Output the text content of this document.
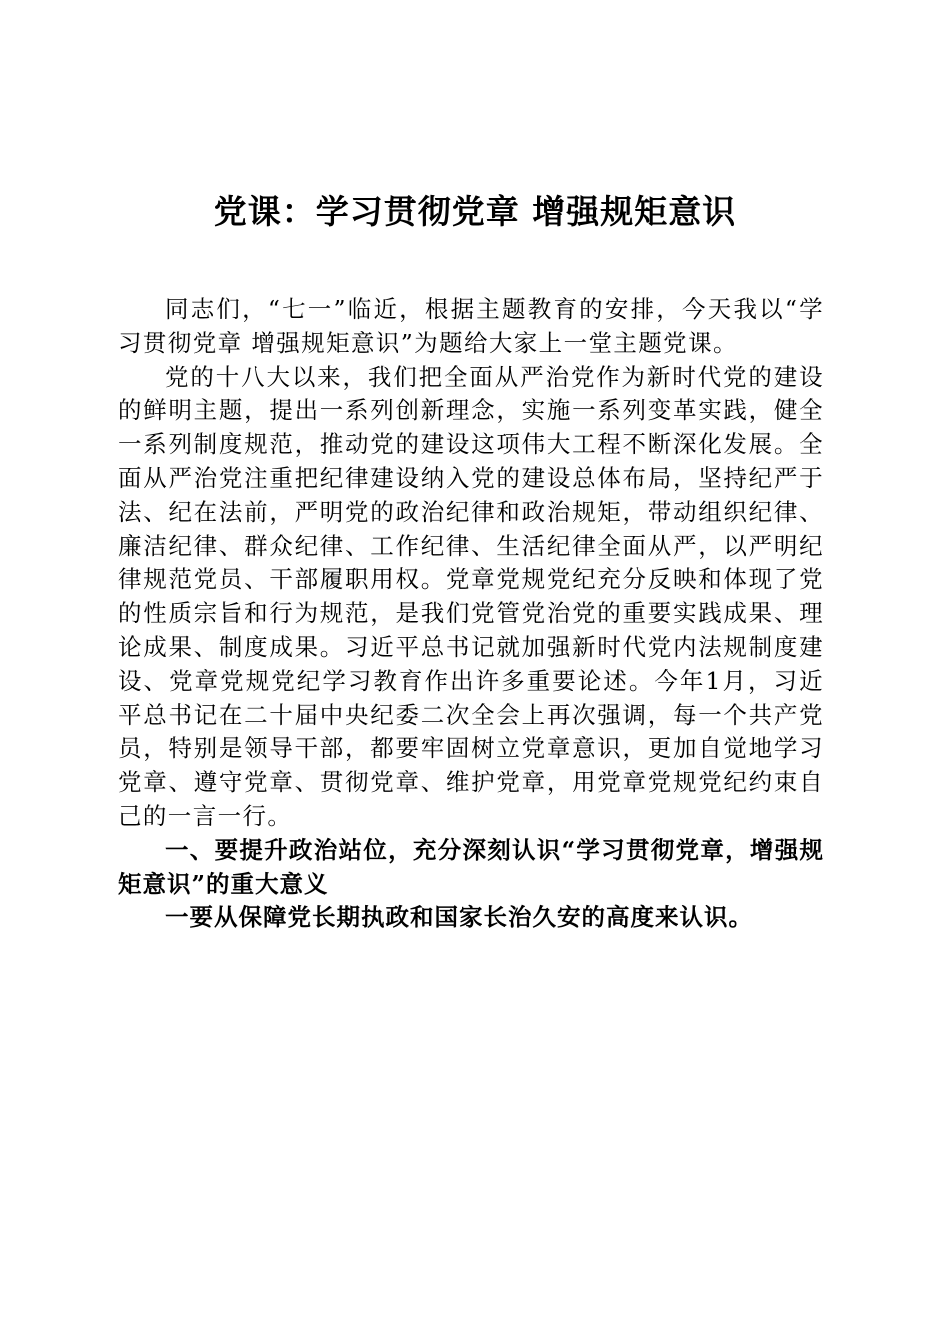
党课：学习贯彻党章 增强规矩意识

同志们，“七一”临近，根据主题教育的安排，今天我以“学习贯彻党章 增强规矩意识”为题给大家上一堂主题党课。

党的十八大以来，我们把全面从严治党作为新时代党的建设的鲜明主题，提出一系列创新理念，实施一系列变革实践，健全一系列制度规范，推动党的建设这项伟大工程不断深化发展。全面从严治党注重把纪律建设纳入党的建设总体布局，坚持纪严于法、纪在法前，严明党的政治纪律和政治规矩，带动组织纪律、廉洁纪律、群众纪律、工作纪律、生活纪律全面从严，以严明纪律规范党员、干部履职用权。党章党规党纪充分反映和体现了党的性质宗旨和行为规范，是我们党管党治党的重要实践成果、理论成果、制度成果。习近平总书记就加强新时代党内法规制度建设、党章党规党纪学习教育作出许多重要论述。今年1月，习近平总书记在二十届中央纪委二次全会上再次强调，每一个共产党员，特别是领导干部，都要牢固树立党章意识，更加自觉地学习党章、遵守党章、贯彻党章、维护党章，用党章党规党纪约束自己的一言一行。

一、要提升政治站位，充分深刻认识“学习贯彻党章，增强规矩意识”的重大意义

一要从保障党长期执政和国家长治久安的高度来认识。
